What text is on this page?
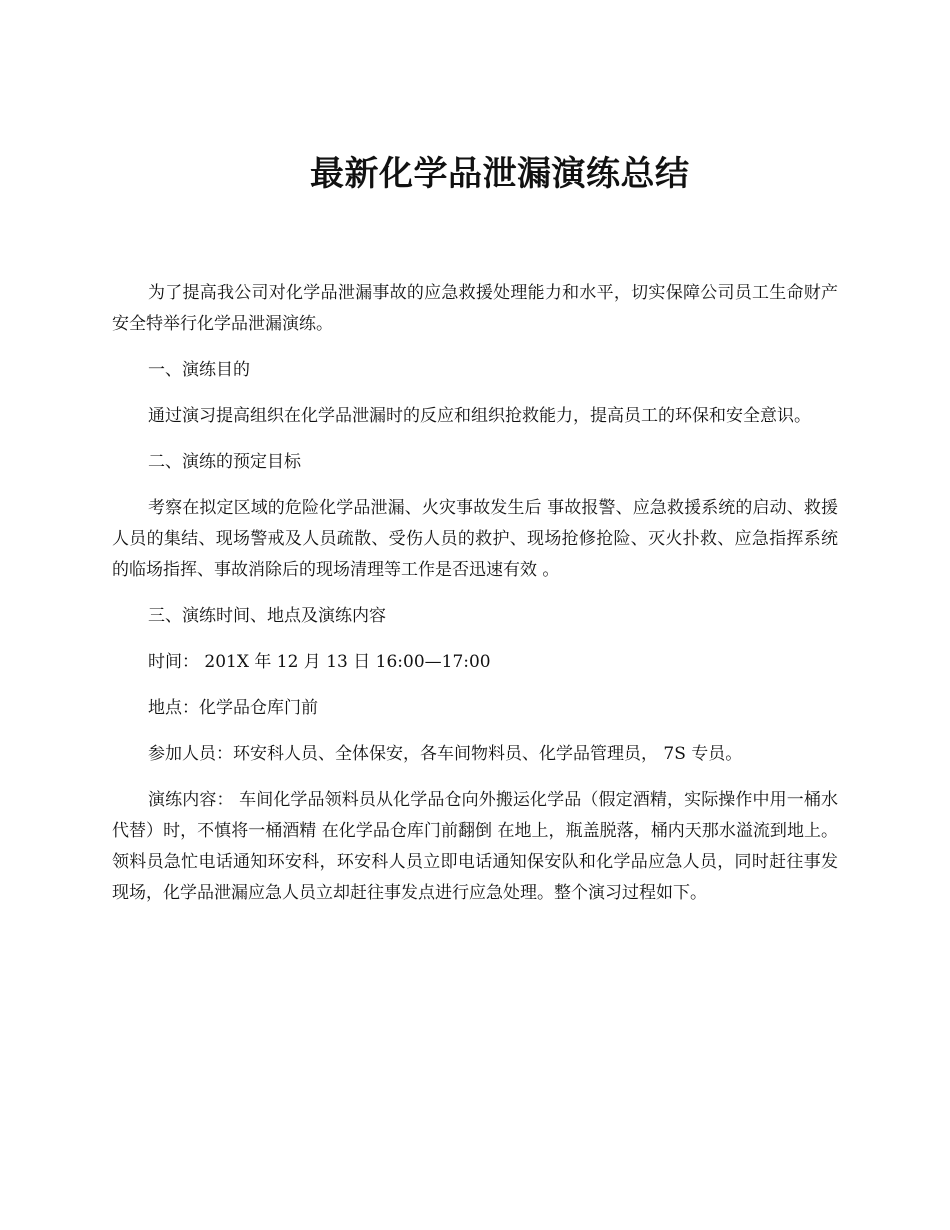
最新化学品泄漏演练总结

为了提高我公司对化学品泄漏事故的应急救援处理能力和水平，切实保障公司员工生命财产安全特举行化学品泄漏演练。

一、演练目的

通过演习提高组织在化学品泄漏时的反应和组织抢救能力，提高员工的环保和安全意识。

二、演练的预定目标

考察在拟定区域的危险化学品泄漏、火灾事故发生后 事故报警、应急救援系统的启动、救援人员的集结、现场警戒及人员疏散、受伤人员的救护、现场抢修抢险、灭火扑救、应急指挥系统的临场指挥、事故消除后的现场清理等工作是否迅速有效 。

三、演练时间、地点及演练内容

时间： 201X 年 12 月 13 日 16:00—17:00

地点：化学品仓库门前

参加人员：环安科人员、全体保安，各车间物料员、化学品管理员， 7S 专员。

演练内容： 车间化学品领料员从化学品仓向外搬运化学品（假定酒精，实际操作中用一桶水代替）时，不慎将一桶酒精 在化学品仓库门前翻倒 在地上，瓶盖脱落，桶内天那水溢流到地上。领料员急忙电话通知环安科，环安科人员立即电话通知保安队和化学品应急人员，同时赶往事发现场，化学品泄漏应急人员立却赶往事发点进行应急处理。整个演习过程如下。
